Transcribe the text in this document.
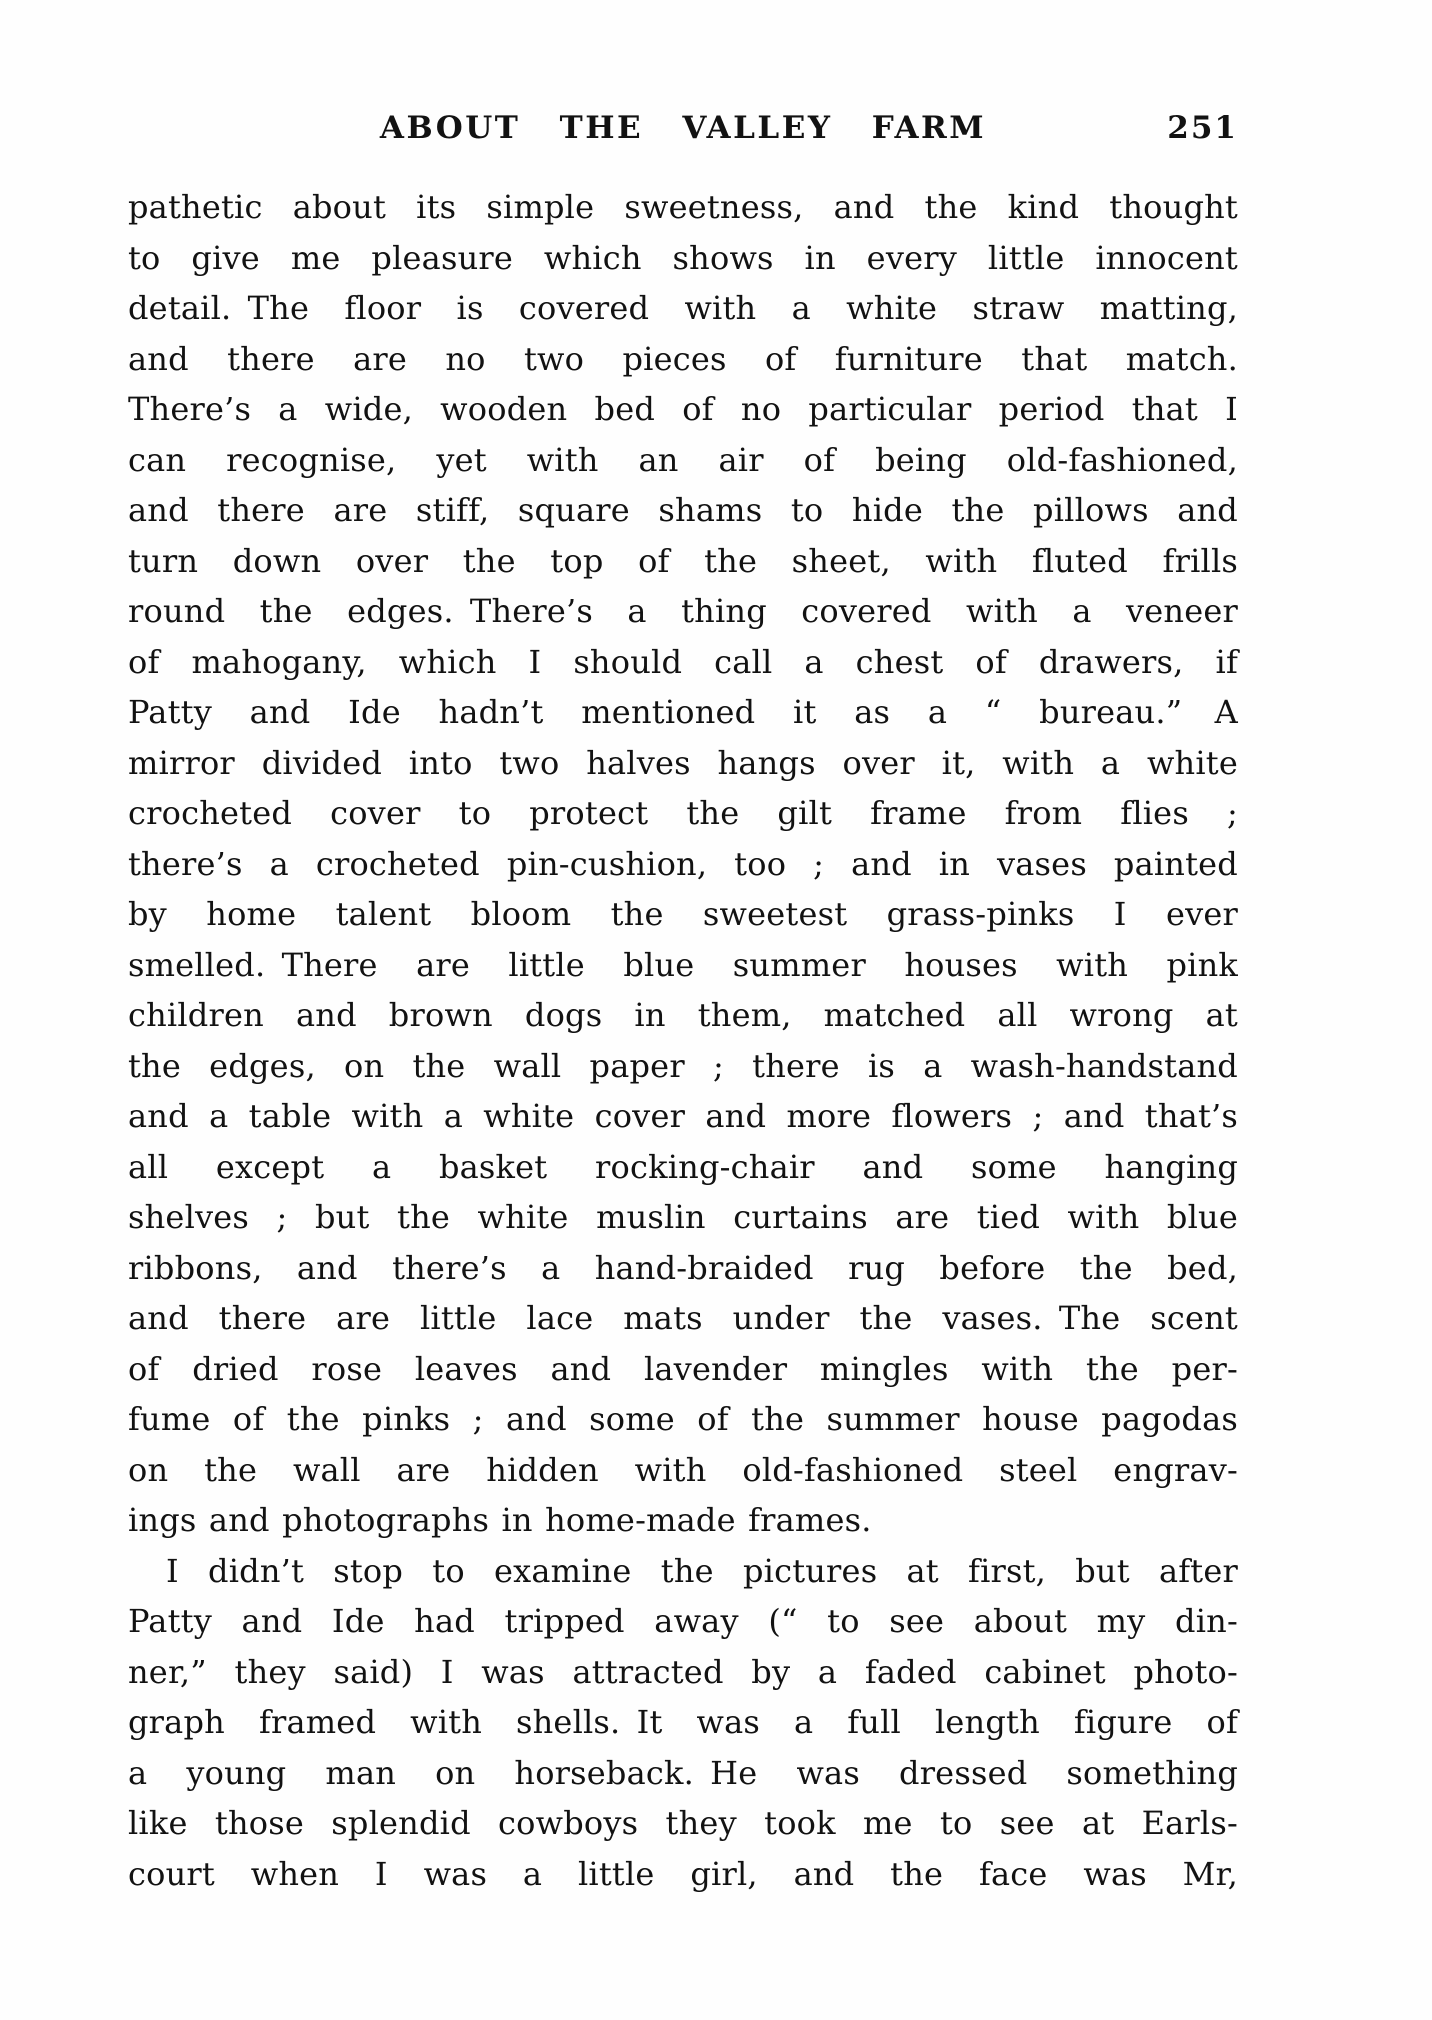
ABOUT THE VALLEY FARM	251
pathetic about its simple sweetness, and the kind thought
to give me pleasure which shows in every little innocent
detail. The floor is covered with a white straw matting,
and there are no two pieces of furniture that match.
There’s a wide, wooden bed of no particular period that I
can recognise, yet with an air of being old-fashioned,
and there are stiff, square shams to hide the pillows and
turn down over the top of the sheet, with fluted frills
round the edges. There’s a thing covered with a veneer
of mahogany, which I should call a chest of drawers, if
Patty and Ide hadn’t mentioned it as a “ bureau.”  A
mirror divided into two halves hangs over it, with a white
crocheted cover to protect the gilt frame from flies ;
there’s a crocheted pin-cushion, too ; and in vases painted
by home talent bloom the sweetest grass-pinks I ever
smelled. There are little blue summer houses with pink
children and brown dogs in them, matched all wrong at
the edges, on the wall paper ; there is a wash-handstand
and a table with a white cover and more flowers ; and that’s
all except a basket rocking-chair and some hanging
shelves ; but the white muslin curtains are tied with blue
ribbons, and there’s a hand-braided rug before the bed,
and there are little lace mats under the vases. The scent
of dried rose leaves and lavender mingles with the per-
fume of the pinks ; and some of the summer house pagodas
on the wall are hidden with old-fashioned steel engrav-
ings and photographs in home-made frames.
I didn’t stop to examine the pictures at first, but after
Patty and Ide had tripped away (“ to see about my din-
ner,” they said) I was attracted by a faded cabinet photo-
graph framed with shells. It was a full length figure of
a young man on horseback. He was dressed something
like those splendid cowboys they took me to see at Earls-
court when I was a little girl, and the face was Mr,
